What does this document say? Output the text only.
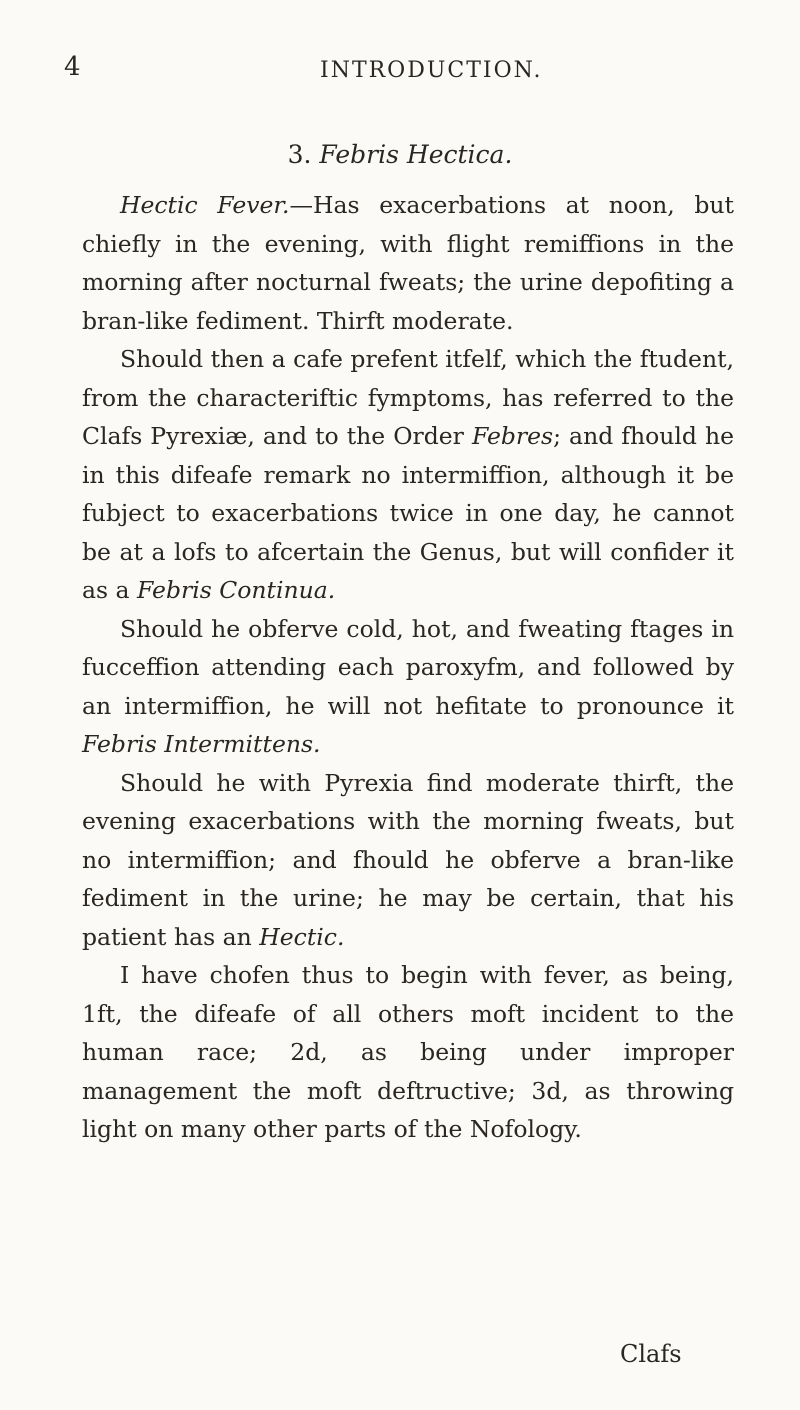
4	INTRODUCTION.
3. Febris Hectica.

Hectic Fever.—Has exacerbations at noon, but chiefly in the evening, with flight remiffions in the morning after nocturnal fweats; the urine depofiting a bran-like fediment. Thirft moderate.

Should then a cafe prefent itfelf, which the ftudent, from the characteriftic fymptoms, has referred to the Clafs Pyrexiæ, and to the Order Febres; and fhould he in this difeafe remark no intermiffion, although it be fubject to exacerbations twice in one day, he cannot be at a lofs to afcertain the Genus, but will confider it as a Febris Continua.

Should he obferve cold, hot, and fweating ftages in fucceffion attending each paroxyfm, and followed by an intermiffion, he will not hefitate to pronounce it Febris Intermittens.

Should he with Pyrexia find moderate thirft, the evening exacerbations with the morning fweats, but no intermiffion; and fhould he obferve a bran-like fediment in the urine; he may be certain, that his patient has an Hectic.

I have chofen thus to begin with fever, as being, 1ft, the difeafe of all others moft incident to the human race; 2d, as being under improper management the moft deftructive; 3d, as throwing light on many other parts of the Nofology.

Clafs
